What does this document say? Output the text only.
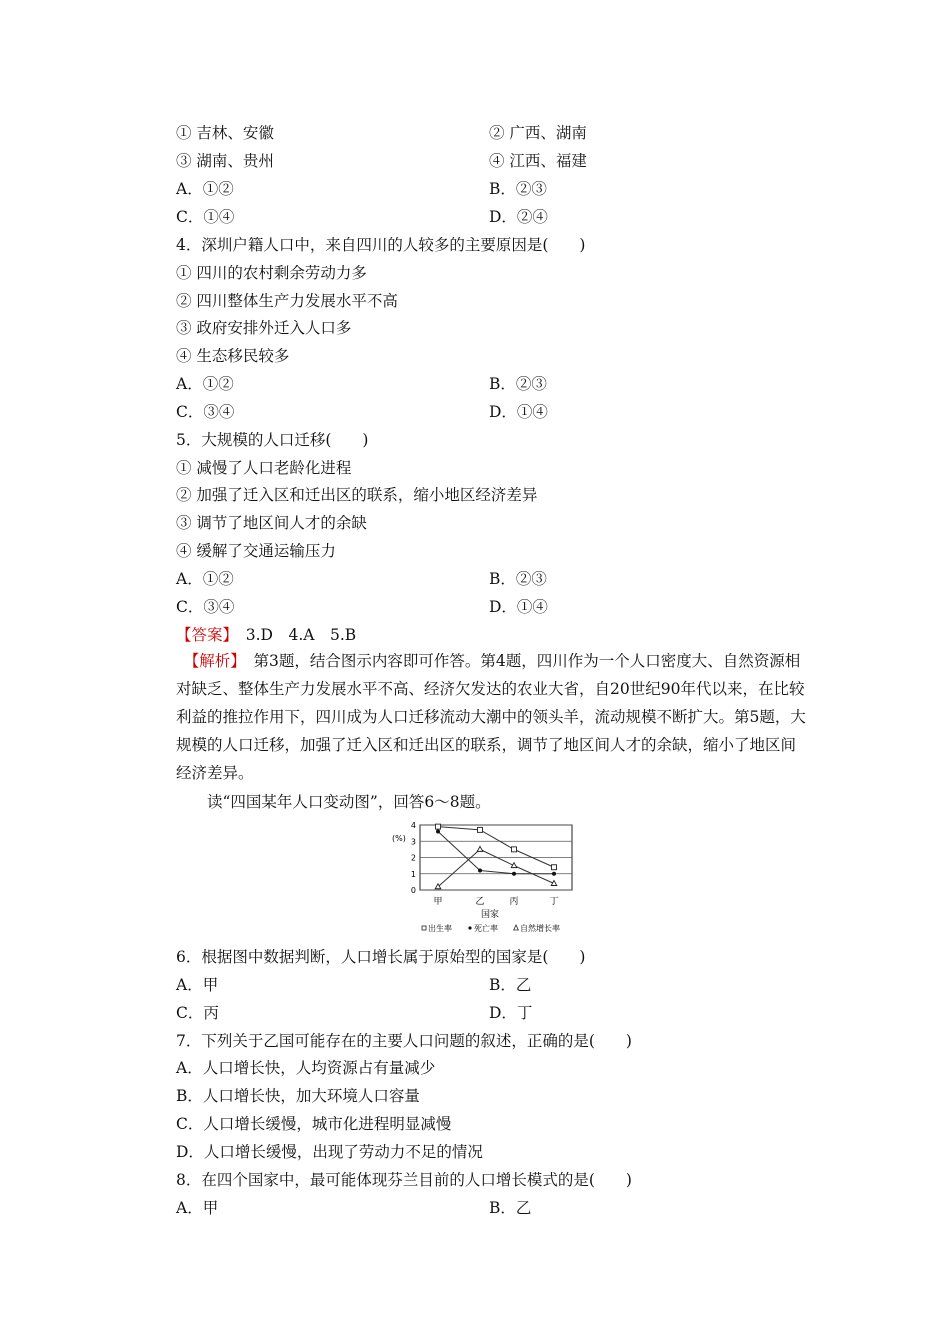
① 吉林、安徽	② 广西、湖南
③ 湖南、贵州	④ 江西、福建
A．①②	B．②③
C．①④	D．②④
4．深圳户籍人口中，来自四川的人较多的主要原因是(　　)
① 四川的农村剩余劳动力多
② 四川整体生产力发展水平不高
③ 政府安排外迁入人口多
④ 生态移民较多
A．①②	B．②③
C．③④	D．①④
5．大规模的人口迁移(　　)
① 减慢了人口老龄化进程
② 加强了迁入区和迁出区的联系，缩小地区经济差异
③ 调节了地区间人才的余缺
④ 缓解了交通运输压力
A．①②	B．②③
C．③④	D．①④
【答案】　3.D　4.A　5.B
　【解析】　第3题，结合图示内容即可作答。第4题，四川作为一个人口密度大、自然资源相对缺乏、整体生产力发展水平不高、经济欠发达的农业大省，自20世纪90年代以来，在比较利益的推拉作用下，四川成为人口迁移流动大潮中的领头羊，流动规模不断扩大。第5题，大规模的人口迁移，加强了迁入区和迁出区的联系，调节了地区间人才的余缺，缩小了地区间经济差异。
读“四国某年人口变动图”，回答6～8题。
(%)
0
1
2
3
4
甲	乙	丙	丁
国家
出生率	死亡率	自然增长率
6．根据图中数据判断，人口增长属于原始型的国家是(　　)
A．甲	B．乙
C．丙	D．丁
7．下列关于乙国可能存在的主要人口问题的叙述，正确的是(　　)
A．人口增长快，人均资源占有量减少
B．人口增长快，加大环境人口容量
C．人口增长缓慢，城市化进程明显减慢
D．人口增长缓慢，出现了劳动力不足的情况
8．在四个国家中，最可能体现芬兰目前的人口增长模式的是(　　)
A．甲	B．乙
